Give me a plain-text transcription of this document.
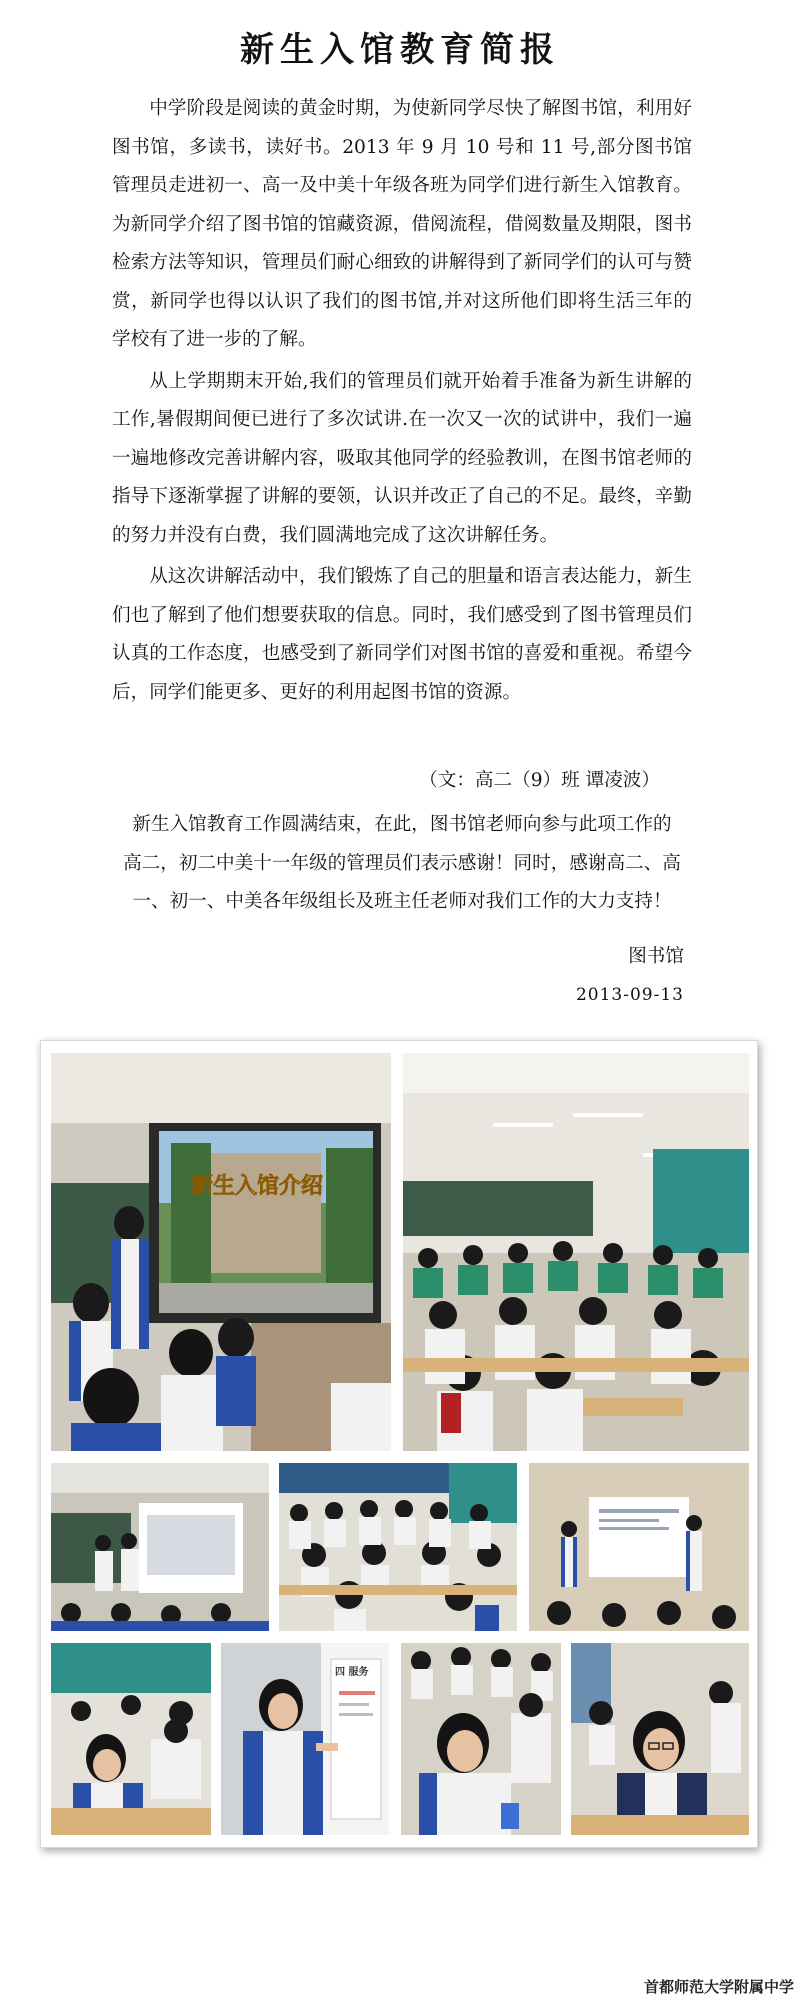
新生入馆教育简报

中学阶段是阅读的黄金时期，为使新同学尽快了解图书馆，利用好图书馆，多读书，读好书。2013 年 9 月 10 号和 11 号,部分图书馆管理员走进初一、高一及中美十年级各班为同学们进行新生入馆教育。为新同学介绍了图书馆的馆藏资源，借阅流程，借阅数量及期限，图书检索方法等知识，管理员们耐心细致的讲解得到了新同学们的认可与赞赏，新同学也得以认识了我们的图书馆,并对这所他们即将生活三年的学校有了进一步的了解。

从上学期期末开始,我们的管理员们就开始着手准备为新生讲解的工作,暑假期间便已进行了多次试讲.在一次又一次的试讲中，我们一遍一遍地修改完善讲解内容，吸取其他同学的经验教训，在图书馆老师的指导下逐渐掌握了讲解的要领，认识并改正了自己的不足。最终，辛勤的努力并没有白费，我们圆满地完成了这次讲解任务。

从这次讲解活动中，我们锻炼了自己的胆量和语言表达能力，新生们也了解到了他们想要获取的信息。同时，我们感受到了图书管理员们认真的工作态度，也感受到了新同学们对图书馆的喜爱和重视。希望今后，同学们能更多、更好的利用起图书馆的资源。

（文：高二（9）班 谭凌波）
新生入馆教育工作圆满结束，在此，图书馆老师向参与此项工作的
高二，初二中美十一年级的管理员们表示感谢！同时，感谢高二、高
一、初一、中美各年级组长及班主任老师对我们工作的大力支持！
图书馆
2013-09-13
新生入馆介绍
四 服务
首都师范大学附属中学
